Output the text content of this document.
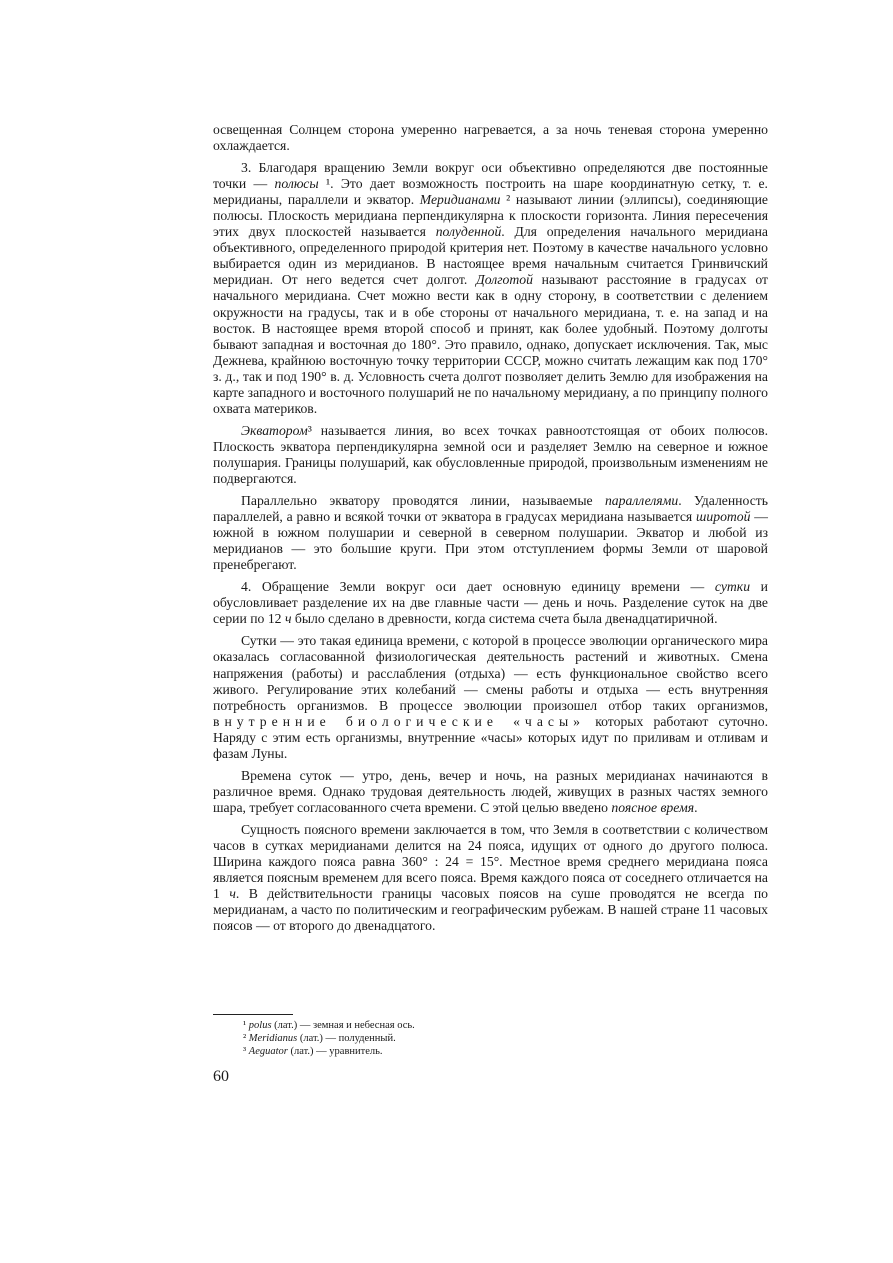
освещенная Солнцем сторона умеренно нагревается, а за ночь теневая сторона умеренно охлаждается.

3. Благодаря вращению Земли вокруг оси объективно определяются две постоянные точки — полюсы ¹. Это дает возможность построить на шаре координатную сетку, т. е. меридианы, параллели и экватор. Меридианами ² называют линии (эллипсы), соединяющие полюсы. Плоскость меридиана перпендикулярна к плоскости горизонта. Линия пересечения этих двух плоскостей называется полуденной. Для определения начального меридиана объективного, определенного природой критерия нет. Поэтому в качестве начального условно выбирается один из меридианов. В настоящее время начальным считается Гринвичский меридиан. От него ведется счет долгот. Долготой называют расстояние в градусах от начального меридиана. Счет можно вести как в одну сторону, в соответствии с делением окружности на градусы, так и в обе стороны от начального меридиана, т. е. на запад и на восток. В настоящее время второй способ и принят, как более удобный. Поэтому долготы бывают западная и восточная до 180°. Это правило, однако, допускает исключения. Так, мыс Дежнева, крайнюю восточную точку территории СССР, можно считать лежащим как под 170° з. д., так и под 190° в. д. Условность счета долгот позволяет делить Землю для изображения на карте западного и восточного полушарий не по начальному меридиану, а по принципу полного охвата материков.

Экватором³ называется линия, во всех точках равноотстоящая от обоих полюсов. Плоскость экватора перпендикулярна земной оси и разделяет Землю на северное и южное полушария. Границы полушарий, как обусловленные природой, произвольным изменениям не подвергаются.

Параллельно экватору проводятся линии, называемые параллелями. Удаленность параллелей, а равно и всякой точки от экватора в градусах меридиана называется широтой — южной в южном полушарии и северной в северном полушарии. Экватор и любой из меридианов — это большие круги. При этом отступлением формы Земли от шаровой пренебрегают.

4. Обращение Земли вокруг оси дает основную единицу времени — сутки и обусловливает разделение их на две главные части — день и ночь. Разделение суток на две серии по 12 ч было сделано в древности, когда система счета была двенадцатиричной.

Сутки — это такая единица времени, с которой в процессе эволюции органического мира оказалась согласованной физиологическая деятельность растений и животных. Смена напряжения (работы) и расслабления (отдыха) — есть функциональное свойство всего живого. Регулирование этих колебаний — смены работы и отдыха — есть внутренняя потребность организмов. В процессе эволюции произошел отбор таких организмов, внутренние биологические «часы» которых работают суточно. Наряду с этим есть организмы, внутренние «часы» которых идут по приливам и отливам и фазам Луны.

Времена суток — утро, день, вечер и ночь, на разных меридианах начинаются в различное время. Однако трудовая деятельность людей, живущих в разных частях земного шара, требует согласованного счета времени. С этой целью введено поясное время.

Сущность поясного времени заключается в том, что Земля в соответствии с количеством часов в сутках меридианами делится на 24 пояса, идущих от одного до другого полюса. Ширина каждого пояса равна 360° : 24 = 15°. Местное время среднего меридиана пояса является поясным временем для всего пояса. Время каждого пояса от соседнего отличается на 1 ч. В действительности границы часовых поясов на суше проводятся не всегда по меридианам, а часто по политическим и географическим рубежам. В нашей стране 11 часовых поясов — от второго до двенадцатого.

¹ polus (лат.) — земная и небесная ось.
² Meridianus (лат.) — полуденный.
³ Aeguator (лат.) — уравнитель.
60
